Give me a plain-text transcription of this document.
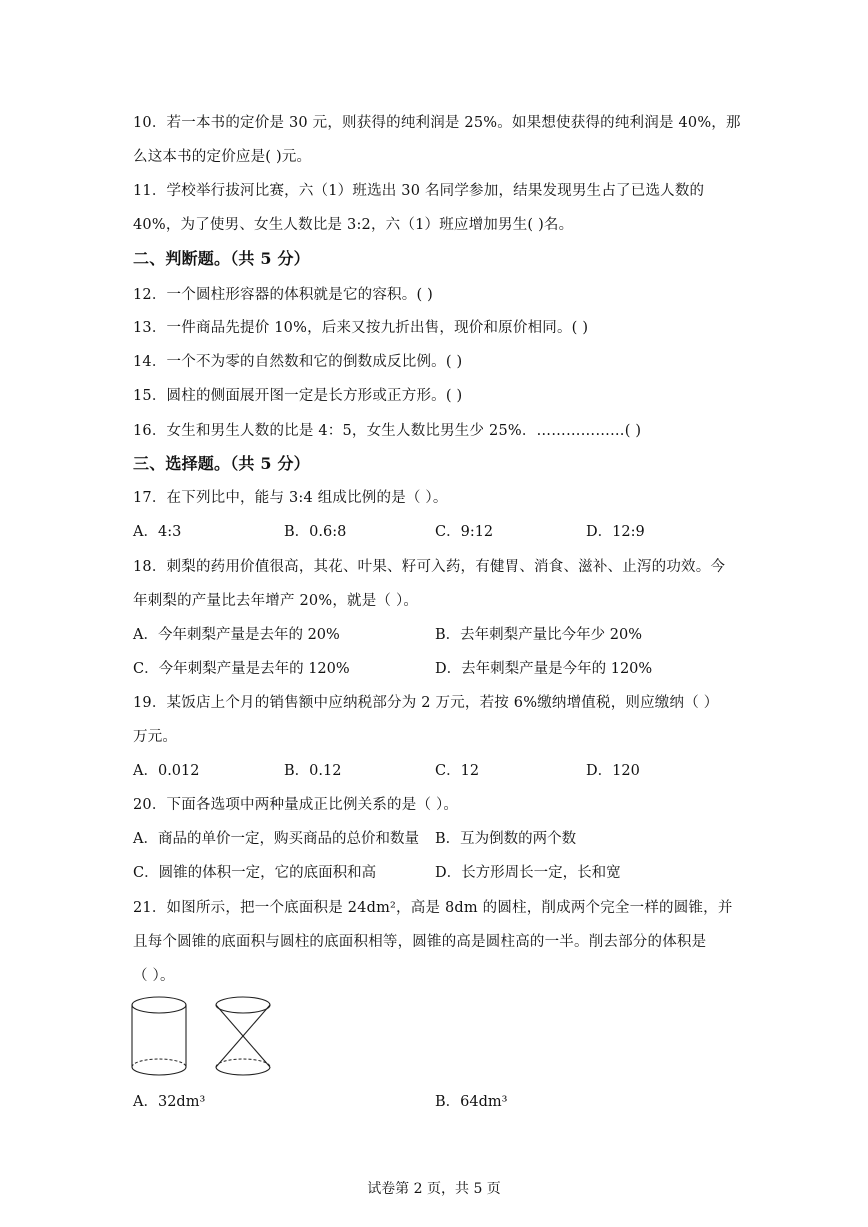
10．若一本书的定价是 30 元，则获得的纯利润是 25%。如果想使获得的纯利润是 40%，那
么这本书的定价应是( )元。
11．学校举行拔河比赛，六（1）班选出 30 名同学参加，结果发现男生占了已选人数的
40%，为了使男、女生人数比是 3:2，六（1）班应增加男生( )名。
二、判断题。（共 5 分）
12．一个圆柱形容器的体积就是它的容积。( )
13．一件商品先提价 10%，后来又按九折出售，现价和原价相同。( )
14．一个不为零的自然数和它的倒数成反比例。( )
15．圆柱的侧面展开图一定是长方形或正方形。( )
16．女生和男生人数的比是 4：5，女生人数比男生少 25%．………………( )
三、选择题。（共 5 分）
17．在下列比中，能与 3:4 组成比例的是（ ）。
A．4:3	B．0.6:8	C．9:12	D．12:9
18．刺梨的药用价值很高，其花、叶果、籽可入药，有健胃、消食、滋补、止泻的功效。今
年刺梨的产量比去年增产 20%，就是（ ）。
A．今年刺梨产量是去年的 20%	B．去年刺梨产量比今年少 20%
C．今年刺梨产量是去年的 120%	D．去年刺梨产量是今年的 120%
19．某饭店上个月的销售额中应纳税部分为 2 万元，若按 6%缴纳增值税，则应缴纳（ ）
万元。
A．0.012	B．0.12	C．12	D．120
20．下面各选项中两种量成正比例关系的是（ ）。
A．商品的单价一定，购买商品的总价和数量 B．互为倒数的两个数
C．圆锥的体积一定，它的底面积和高	D．长方形周长一定，长和宽
21．如图所示，把一个底面积是 24dm²，高是 8dm 的圆柱，削成两个完全一样的圆锥，并
且每个圆锥的底面积与圆柱的底面积相等，圆锥的高是圆柱高的一半。削去部分的体积是
（ ）。
A．32dm³	B．64dm³
试卷第 2 页，共 5 页
